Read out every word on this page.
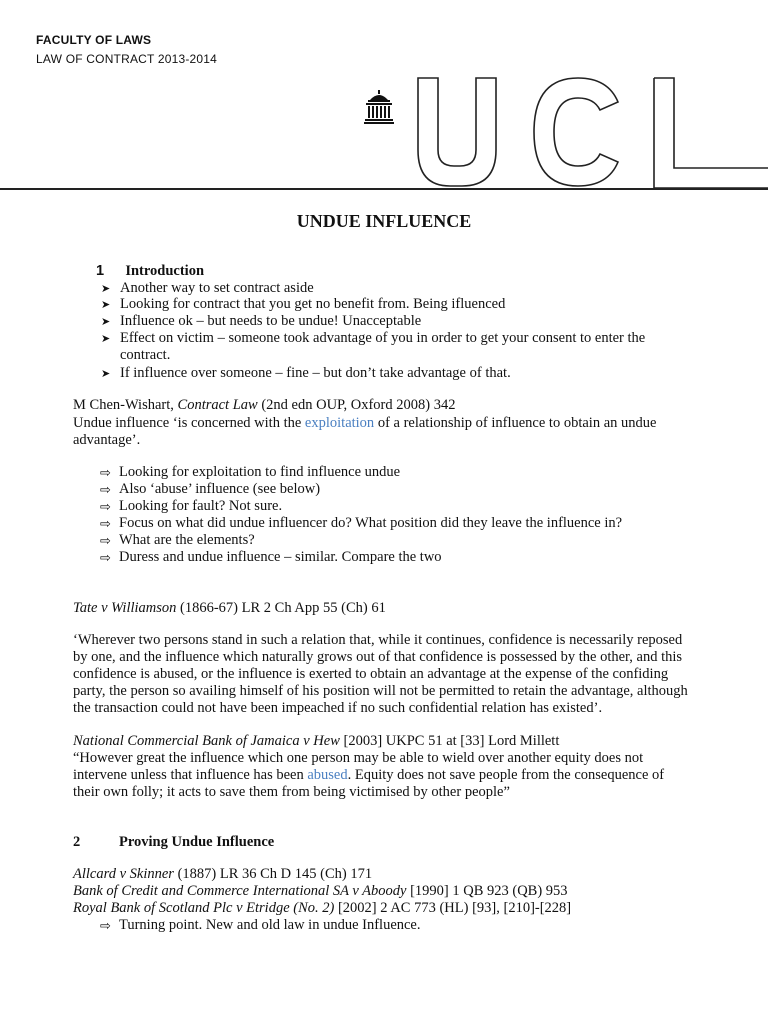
FACULTY OF LAWS
LAW OF CONTRACT 2013-2014	UCL
UNDUE INFLUENCE
1 Introduction
➤ Another way to set contract aside
➤ Looking for contract that you get no benefit from. Being ifluenced
➤ Influence ok – but needs to be undue! Unacceptable
➤ Effect on victim – someone took advantage of you in order to get your consent to enter the
contract.
➤ If influence over someone – fine – but don’t take advantage of that.
M Chen-Wishart, Contract Law (2nd edn OUP, Oxford 2008) 342
Undue influence ‘is concerned with the exploitation of a relationship of influence to obtain an undue
advantage’.
⇨ Looking for exploitation to find influence undue
⇨ Also ‘abuse’ influence (see below)
⇨ Looking for fault? Not sure.
⇨ Focus on what did undue influencer do? What position did they leave the influence in?
⇨ What are the elements?
⇨ Duress and undue influence – similar. Compare the two
Tate v Williamson (1866-67) LR 2 Ch App 55 (Ch) 61
‘Wherever two persons stand in such a relation that, while it continues, confidence is necessarily reposed
by one, and the influence which naturally grows out of that confidence is possessed by the other, and this
confidence is abused, or the influence is exerted to obtain an advantage at the expense of the confiding
party, the person so availing himself of his position will not be permitted to retain the advantage, although
the transaction could not have been impeached if no such confidential relation has existed’.
National Commercial Bank of Jamaica v Hew [2003] UKPC 51 at [33] Lord Millett
“However great the influence which one person may be able to wield over another equity does not
intervene unless that influence has been abused. Equity does not save people from the consequence of
their own folly; it acts to save them from being victimised by other people”
2	Proving Undue Influence
Allcard v Skinner (1887) LR 36 Ch D 145 (Ch) 171
Bank of Credit and Commerce International SA v Aboody [1990] 1 QB 923 (QB) 953
Royal Bank of Scotland Plc v Etridge (No. 2) [2002] 2 AC 773 (HL) [93], [210]-[228]
⇨ Turning point. New and old law in undue Influence.
